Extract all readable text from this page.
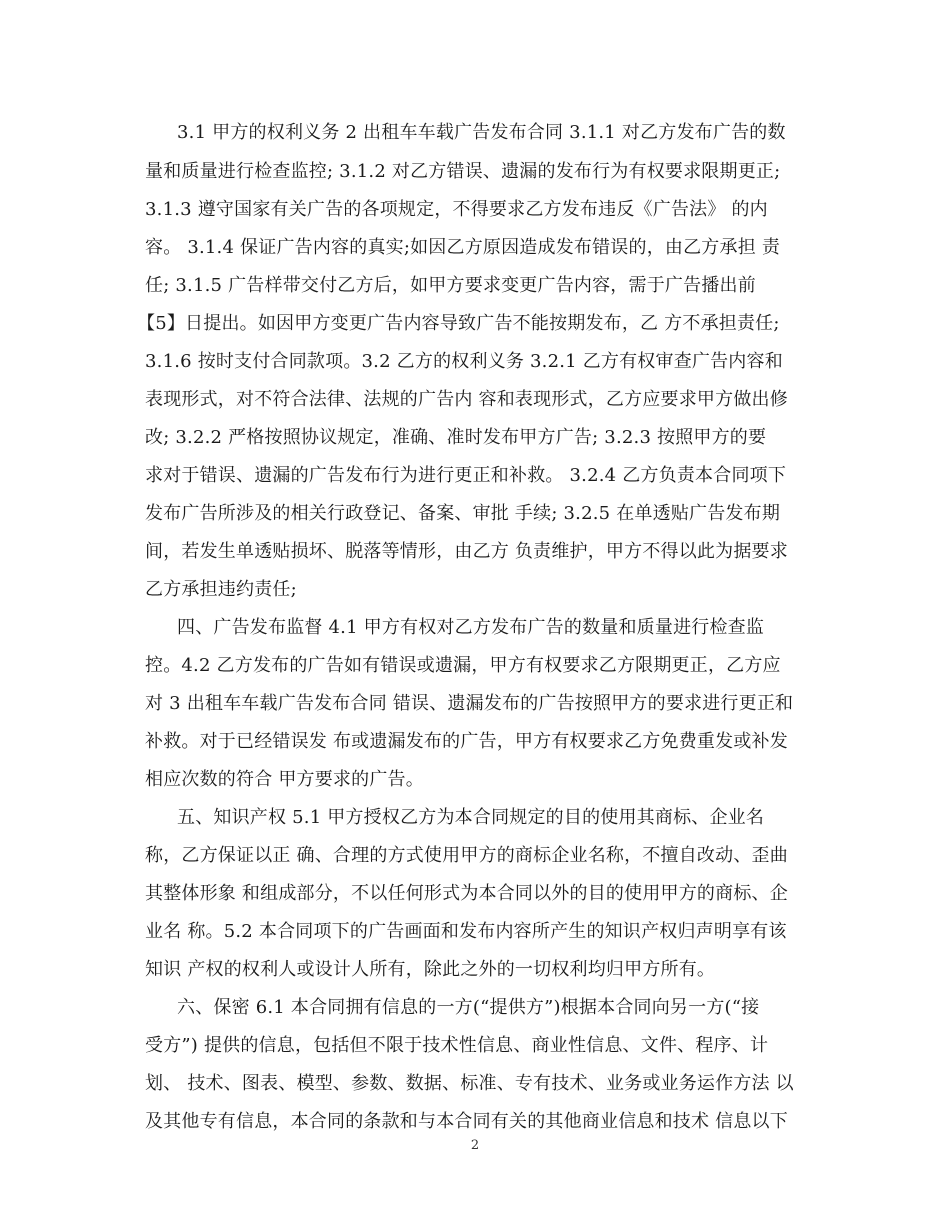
3.1 甲方的权利义务 2 出租车车载广告发布合同 3.1.1 对乙方发布广告的数
量和质量进行检查监控; 3.1.2 对乙方错误、遗漏的发布行为有权要求限期更正;
3.1.3 遵守国家有关广告的各项规定，不得要求乙方发布违反《广告法》 的内
容。 3.1.4 保证广告内容的真实;如因乙方原因造成发布错误的，由乙方承担 责
任; 3.1.5 广告样带交付乙方后，如甲方要求变更广告内容，需于广告播出前
【5】日提出。如因甲方变更广告内容导致广告不能按期发布，乙 方不承担责任;
3.1.6 按时支付合同款项。3.2 乙方的权利义务 3.2.1 乙方有权审查广告内容和
表现形式，对不符合法律、法规的广告内 容和表现形式，乙方应要求甲方做出修
改; 3.2.2 严格按照协议规定，准确、准时发布甲方广告; 3.2.3 按照甲方的要
求对于错误、遗漏的广告发布行为进行更正和补救。 3.2.4 乙方负责本合同项下
发布广告所涉及的相关行政登记、备案、审批 手续; 3.2.5 在单透贴广告发布期
间，若发生单透贴损坏、脱落等情形，由乙方 负责维护，甲方不得以此为据要求
乙方承担违约责任;
四、广告发布监督 4.1 甲方有权对乙方发布广告的数量和质量进行检查监
控。4.2 乙方发布的广告如有错误或遗漏，甲方有权要求乙方限期更正，乙方应
对 3 出租车车载广告发布合同 错误、遗漏发布的广告按照甲方的要求进行更正和
补救。对于已经错误发 布或遗漏发布的广告，甲方有权要求乙方免费重发或补发
相应次数的符合 甲方要求的广告。
五、知识产权 5.1 甲方授权乙方为本合同规定的目的使用其商标、企业名
称，乙方保证以正 确、合理的方式使用甲方的商标企业名称，不擅自改动、歪曲
其整体形象 和组成部分，不以任何形式为本合同以外的目的使用甲方的商标、企
业名 称。5.2 本合同项下的广告画面和发布内容所产生的知识产权归声明享有该
知识 产权的权利人或设计人所有，除此之外的一切权利均归甲方所有。
六、保密 6.1 本合同拥有信息的一方(“提供方”)根据本合同向另一方(“接
受方”) 提供的信息，包括但不限于技术性信息、商业性信息、文件、程序、计
划、 技术、图表、模型、参数、数据、标准、专有技术、业务或业务运作方法 以
及其他专有信息，本合同的条款和与本合同有关的其他商业信息和技术 信息以下
2
